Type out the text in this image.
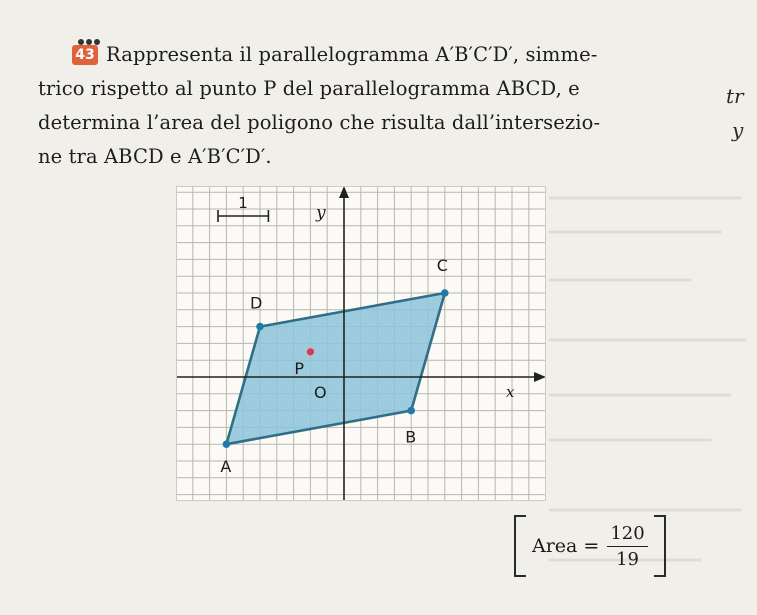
43 Rappresenta il parallelogramma A′B′C′D′, simme-
trico rispetto al punto P del parallelogramma ABCD, e
determina l’area del poligono che risulta dall’intersezio-
ne tra ABCD e A′B′C′D′.
tr
y
x
y
O
1
A
B
C
D
P
Area = $\frac{120}{19}$
